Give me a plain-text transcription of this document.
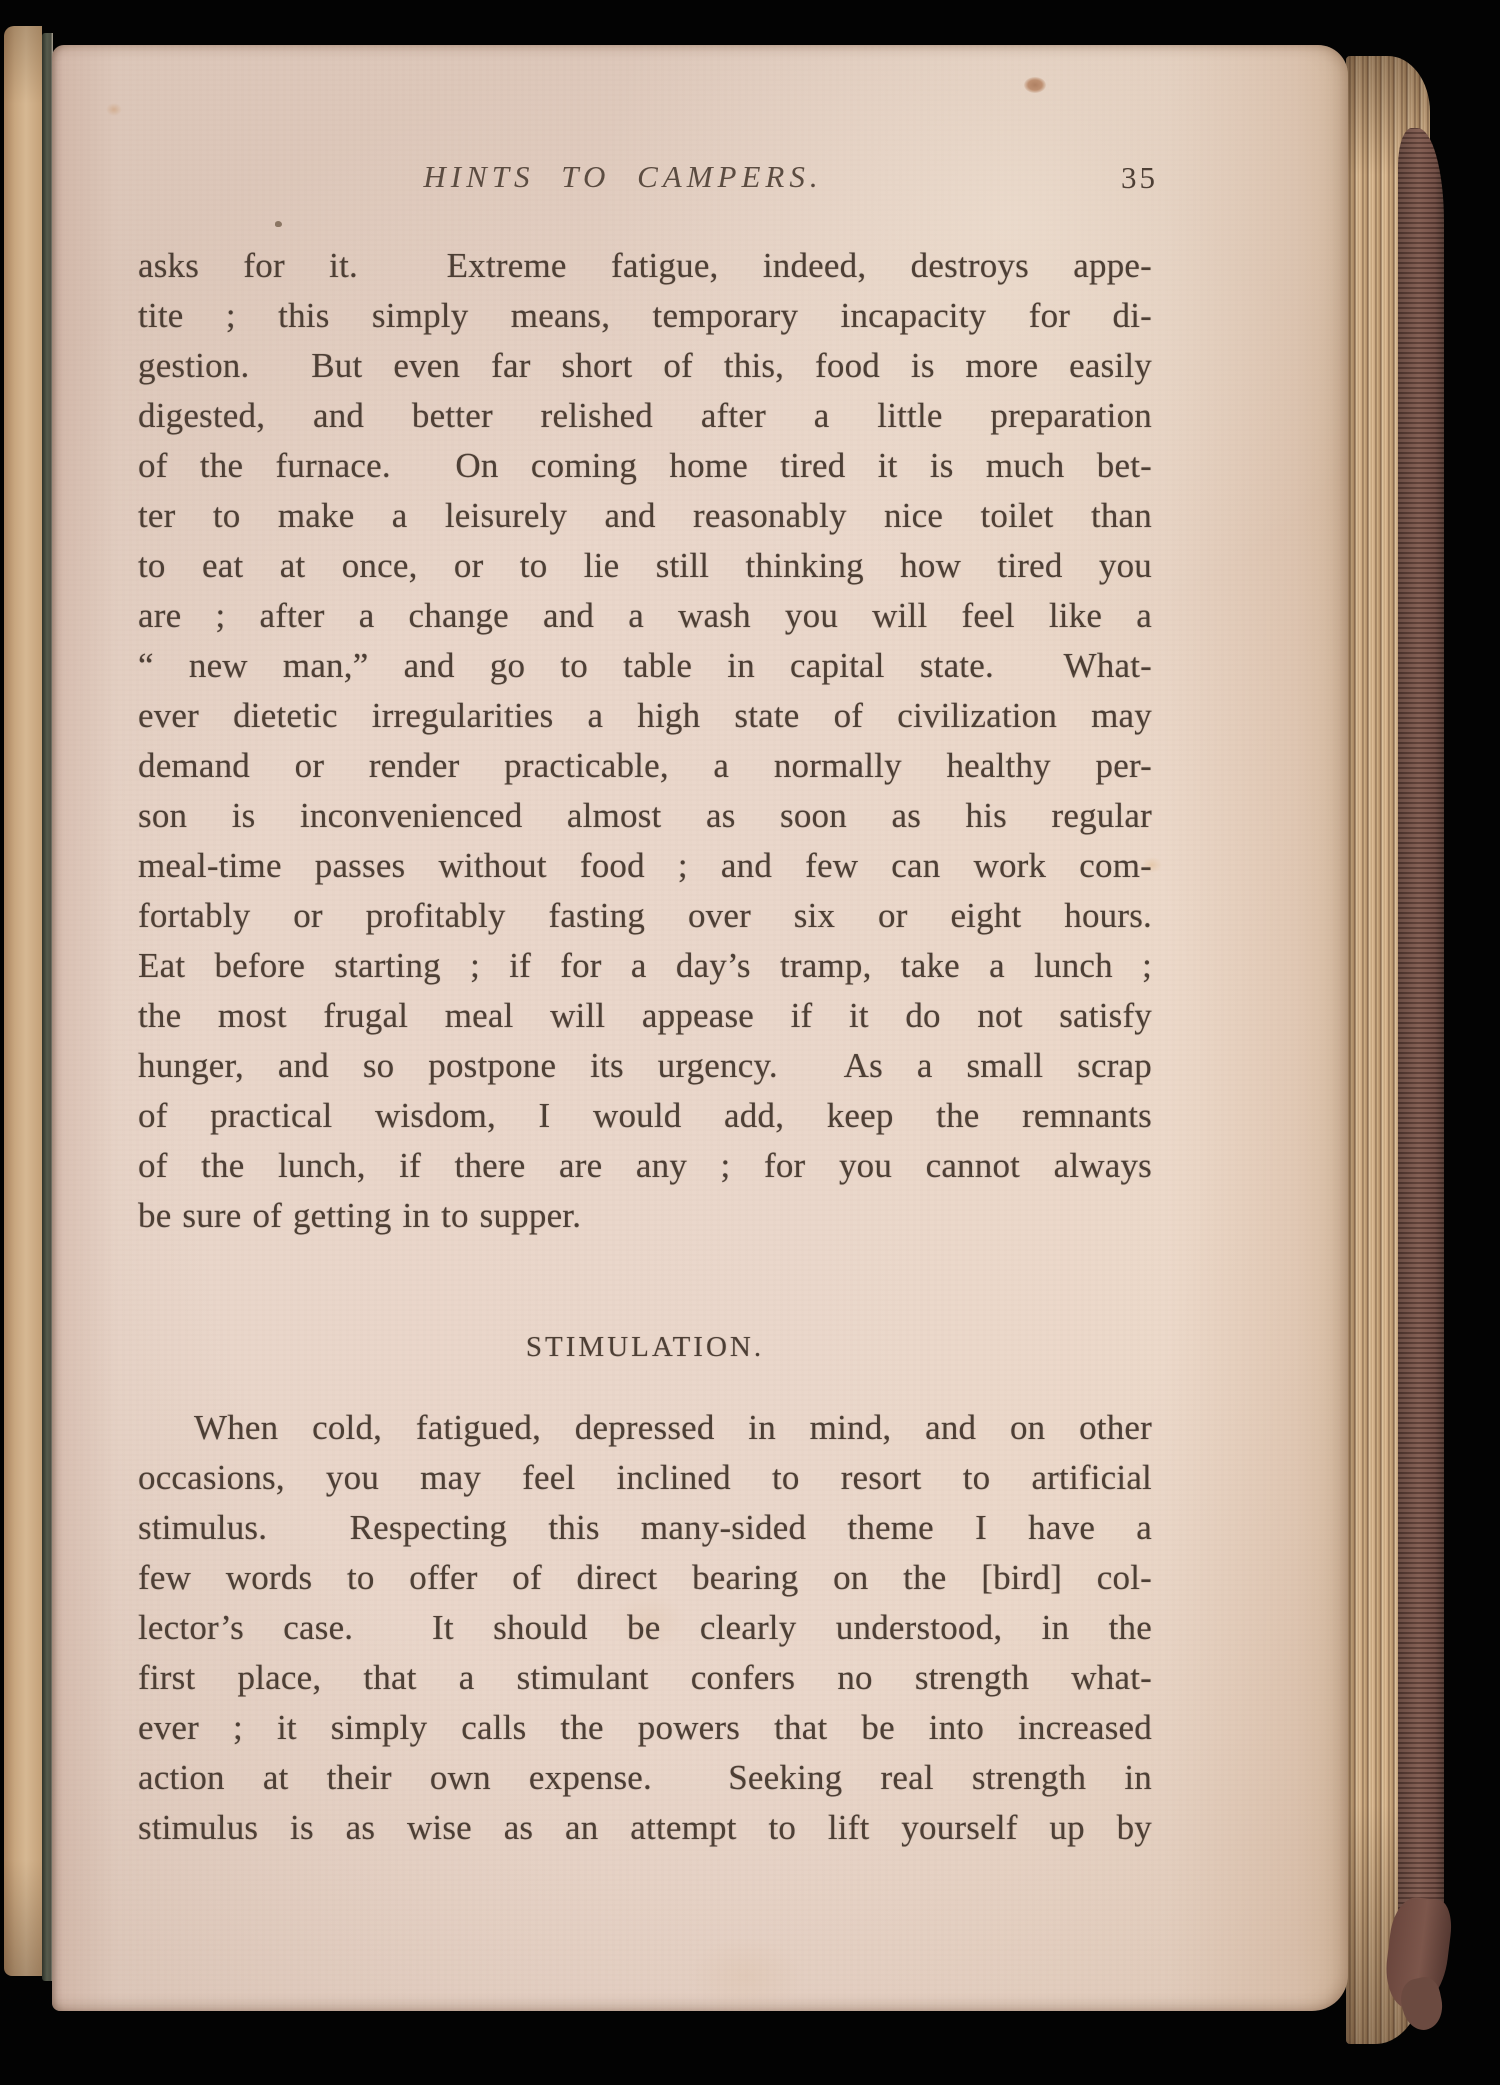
HINTS TO CAMPERS.	35
asks for it.  Extreme fatigue, indeed, destroys appe-
tite ; this simply means, temporary incapacity for di-
gestion.  But even far short of this, food is more easily
digested, and better relished after a little preparation
of the furnace.  On coming home tired it is much bet-
ter to make a leisurely and reasonably nice toilet than
to eat at once, or to lie still thinking how tired you
are ; after a change and a wash you will feel like a
“ new man,” and go to table in capital state.  What-
ever dietetic irregularities a high state of civilization may
demand or render practicable, a normally healthy per-
son is inconvenienced almost as soon as his regular
meal-time passes without food ; and few can work com-
fortably or profitably fasting over six or eight hours.
Eat before starting ; if for a day’s tramp, take a lunch ;
the most frugal meal will appease if it do not satisfy
hunger, and so postpone its urgency.  As a small scrap
of practical wisdom, I would add, keep the remnants
of the lunch, if there are any ; for you cannot always
be sure of getting in to supper.
STIMULATION.
When cold, fatigued, depressed in mind, and on other
occasions, you may feel inclined to resort to artificial
stimulus.  Respecting this many-sided theme I have a
few words to offer of direct bearing on the [bird] col-
lector’s case.  It should be clearly understood, in the
first place, that a stimulant confers no strength what-
ever ; it simply calls the powers that be into increased
action at their own expense.  Seeking real strength in
stimulus is as wise as an attempt to lift yourself up by
